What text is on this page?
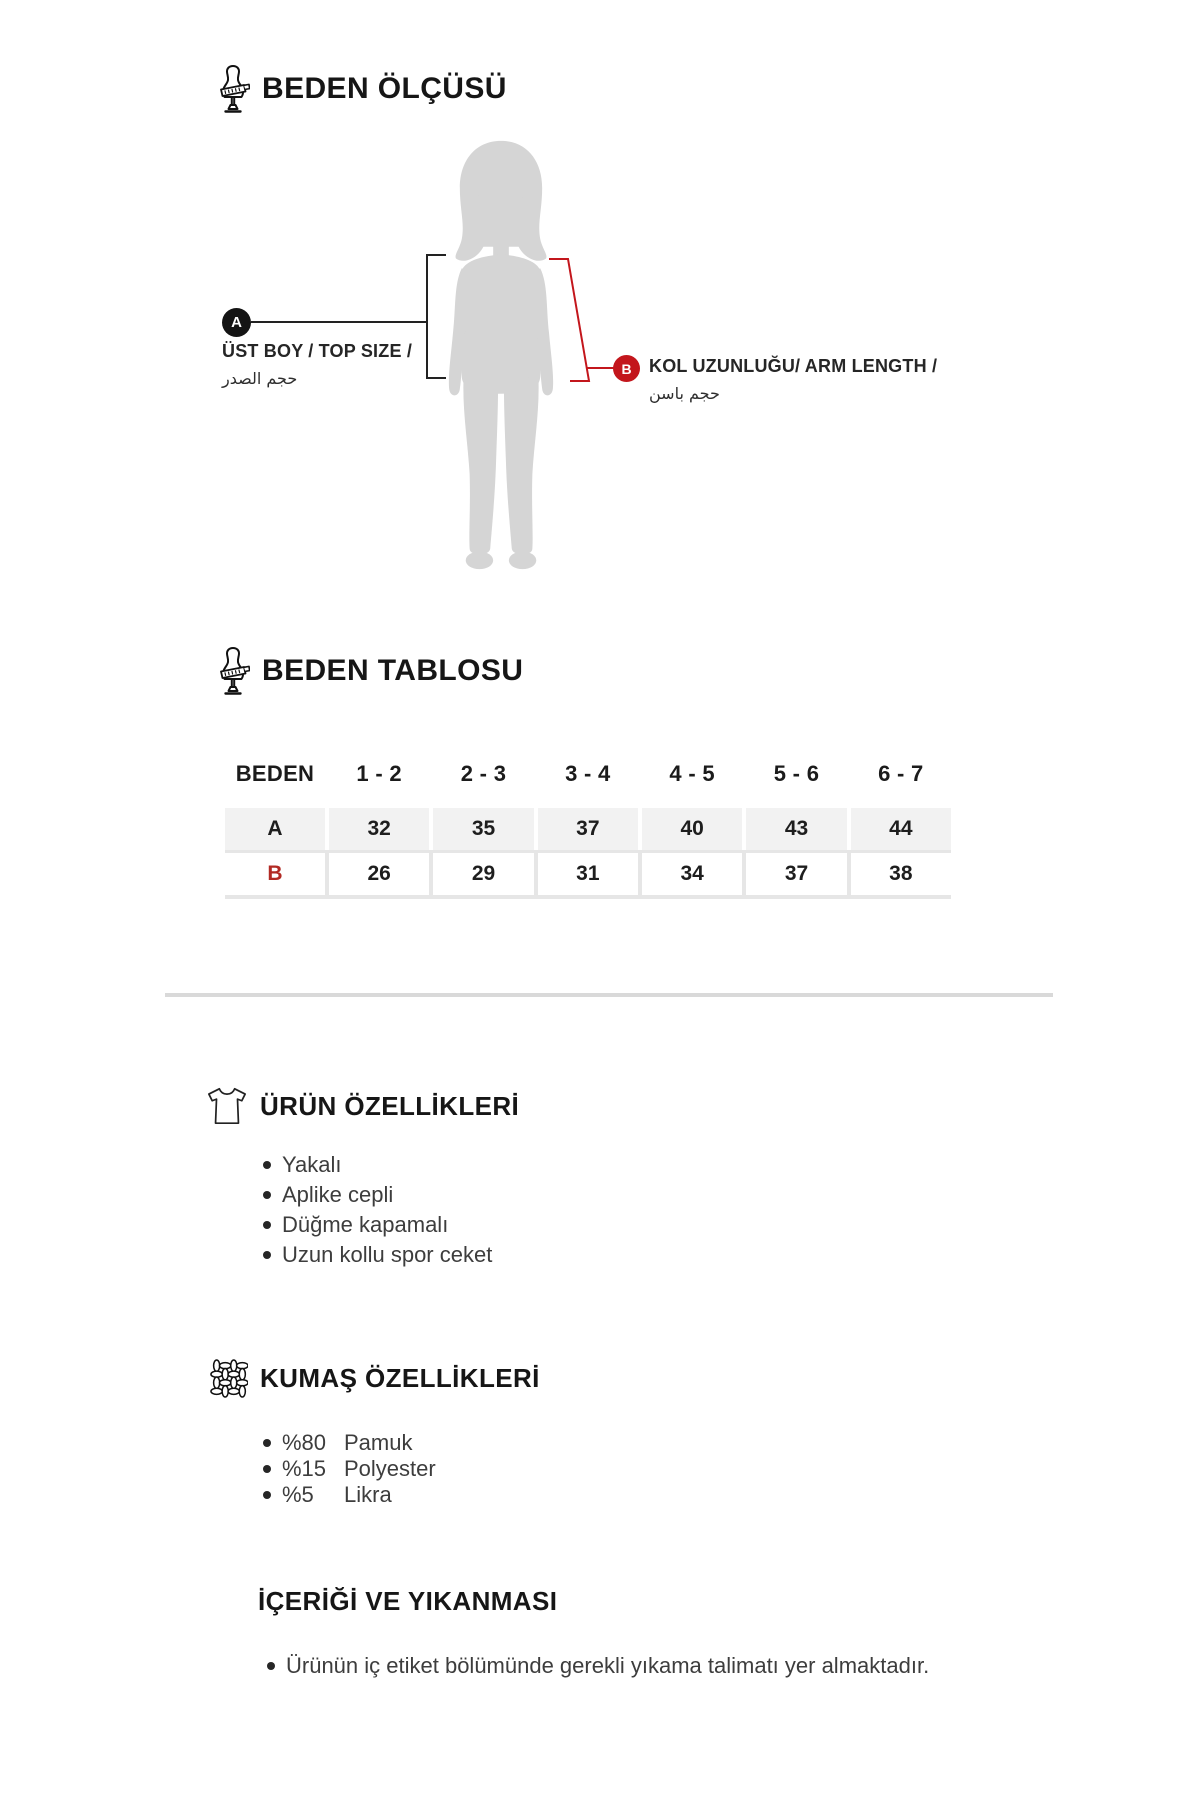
BEDEN ÖLÇÜSÜ
A
ÜST BOY / TOP SIZE /
حجم الصدر
B KOL UZUNLUĞU/ ARM LENGTH /
حجم باسن
BEDEN TABLOSU
BEDEN	1 - 2	2 - 3	3 - 4	4 - 5	5 - 6	6 - 7
A	32	35	37	40	43	44
B	26	29	31	34	37	38
ÜRÜN ÖZELLİKLERİ
Yakalı
Aplike cepli
Düğme kapamalı
Uzun kollu spor ceket
KUMAŞ ÖZELLİKLERİ
%80 Pamuk
%15 Polyester
%5 Likra
İÇERİĞİ VE YIKANMASI
Ürünün iç etiket bölümünde gerekli yıkama talimatı yer almaktadır.
